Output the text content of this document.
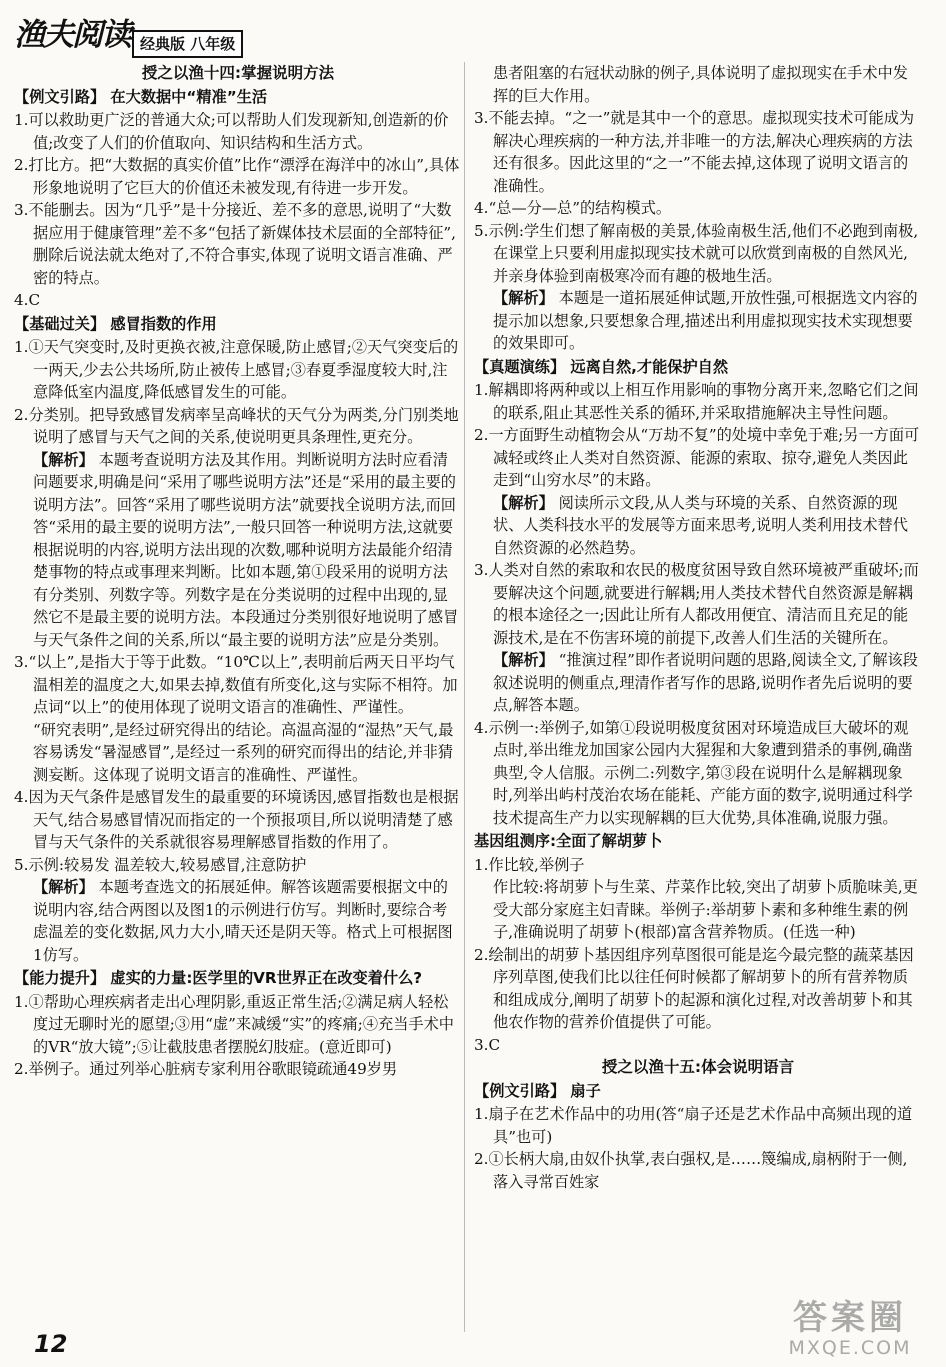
渔夫阅读 经典版 八年级
授之以渔十四:掌握说明方法
【例文引路】 在大数据中“精准”生活
1.可以救助更广泛的普通大众;可以帮助人们发现新知,创造新的价值;改变了人们的价值取向、知识结构和生活方式。
2.打比方。把“大数据的真实价值”比作“漂浮在海洋中的冰山”,具体形象地说明了它巨大的价值还未被发现,有待进一步开发。
3.不能删去。因为“几乎”是十分接近、差不多的意思,说明了“大数据应用于健康管理”差不多“包括了新媒体技术层面的全部特征”,删除后说法就太绝对了,不符合事实,体现了说明文语言准确、严密的特点。
4.C
【基础过关】 感冒指数的作用
1.①天气突变时,及时更换衣被,注意保暖,防止感冒;②天气突变后的一两天,少去公共场所,防止被传上感冒;③春夏季湿度较大时,注意降低室内温度,降低感冒发生的可能。
2.分类别。把导致感冒发病率呈高峰状的天气分为两类,分门别类地说明了感冒与天气之间的关系,使说明更具条理性,更充分。
【解析】 本题考查说明方法及其作用。判断说明方法时应看清问题要求,明确是问“采用了哪些说明方法”还是“采用的最主要的说明方法”。回答“采用了哪些说明方法”就要找全说明方法,而回答“采用的最主要的说明方法”,一般只回答一种说明方法,这就要根据说明的内容,说明方法出现的次数,哪种说明方法最能介绍清楚事物的特点或事理来判断。比如本题,第①段采用的说明方法有分类别、列数字等。列数字是在分类说明的过程中出现的,显然它不是最主要的说明方法。本段通过分类别很好地说明了感冒与天气条件之间的关系,所以“最主要的说明方法”应是分类别。
3.“以上”,是指大于等于此数。“10℃以上”,表明前后两天日平均气温相差的温度之大,如果去掉,数值有所变化,这与实际不相符。加点词“以上”的使用体现了说明文语言的准确性、严谨性。
“研究表明”,是经过研究得出的结论。高温高湿的“湿热”天气,最容易诱发“暑湿感冒”,是经过一系列的研究而得出的结论,并非猜测妄断。这体现了说明文语言的准确性、严谨性。
4.因为天气条件是感冒发生的最重要的环境诱因,感冒指数也是根据天气,结合易感冒情况而指定的一个预报项目,所以说明清楚了感冒与天气条件的关系就很容易理解感冒指数的作用了。
5.示例:较易发 温差较大,较易感冒,注意防护
【解析】 本题考查选文的拓展延伸。解答该题需要根据文中的说明内容,结合两图以及图1的示例进行仿写。判断时,要综合考虑温差的变化数据,风力大小,晴天还是阴天等。格式上可根据图1仿写。
【能力提升】 虚实的力量:医学里的VR世界正在改变着什么?
1.①帮助心理疾病者走出心理阴影,重返正常生活;②满足病人轻松度过无聊时光的愿望;③用“虚”来减缓“实”的疼痛;④充当手术中的VR“放大镜”;⑤让截肢患者摆脱幻肢症。(意近即可)
2.举例子。通过列举心脏病专家利用谷歌眼镜疏通49岁男
患者阻塞的右冠状动脉的例子,具体说明了虚拟现实在手术中发挥的巨大作用。
3.不能去掉。“之一”就是其中一个的意思。虚拟现实技术可能成为解决心理疾病的一种方法,并非唯一的方法,解决心理疾病的方法还有很多。因此这里的“之一”不能去掉,这体现了说明文语言的准确性。
4.“总—分—总”的结构模式。
5.示例:学生们想了解南极的美景,体验南极生活,他们不必跑到南极,在课堂上只要利用虚拟现实技术就可以欣赏到南极的自然风光,并亲身体验到南极寒冷而有趣的极地生活。
【解析】 本题是一道拓展延伸试题,开放性强,可根据选文内容的提示加以想象,只要想象合理,描述出利用虚拟现实技术实现想要的效果即可。
【真题演练】 远离自然,才能保护自然
1.解耦即将两种或以上相互作用影响的事物分离开来,忽略它们之间的联系,阻止其恶性关系的循环,并采取措施解决主导性问题。
2.一方面野生动植物会从“万劫不复”的处境中幸免于难;另一方面可减轻或终止人类对自然资源、能源的索取、掠夺,避免人类因此走到“山穷水尽”的末路。
【解析】 阅读所示文段,从人类与环境的关系、自然资源的现状、人类科技水平的发展等方面来思考,说明人类利用技术替代自然资源的必然趋势。
3.人类对自然的索取和农民的极度贫困导致自然环境被严重破坏;而要解决这个问题,就要进行解耦;用人类技术替代自然资源是解耦的根本途径之一;因此让所有人都改用便宜、清洁而且充足的能源技术,是在不伤害环境的前提下,改善人们生活的关键所在。
【解析】 “推演过程”即作者说明问题的思路,阅读全文,了解该段叙述说明的侧重点,理清作者写作的思路,说明作者先后说明的要点,解答本题。
4.示例一:举例子,如第①段说明极度贫困对环境造成巨大破坏的观点时,举出维龙加国家公园内大猩猩和大象遭到猎杀的事例,确凿典型,令人信服。示例二:列数字,第③段在说明什么是解耦现象时,列举出屿村茂治农场在能耗、产能方面的数字,说明通过科学技术提高生产力以实现解耦的巨大优势,具体准确,说服力强。
基因组测序:全面了解胡萝卜
1.作比较,举例子
作比较:将胡萝卜与生菜、芹菜作比较,突出了胡萝卜质脆味美,更受大部分家庭主妇青睐。举例子:举胡萝卜素和多种维生素的例子,准确说明了胡萝卜(根部)富含营养物质。(任选一种)
2.绘制出的胡萝卜基因组序列草图很可能是迄今最完整的蔬菜基因序列草图,使我们比以往任何时候都了解胡萝卜的所有营养物质和组成成分,阐明了胡萝卜的起源和演化过程,对改善胡萝卜和其他农作物的营养价值提供了可能。
3.C
授之以渔十五:体会说明语言
【例文引路】 扇子
1.扇子在艺术作品中的功用(答“扇子还是艺术作品中高频出现的道具”也可)
2.①长柄大扇,由奴仆执掌,表白强权,是……篾编成,扇柄附于一侧,落入寻常百姓家
12
答案圈
MXQE.COM
